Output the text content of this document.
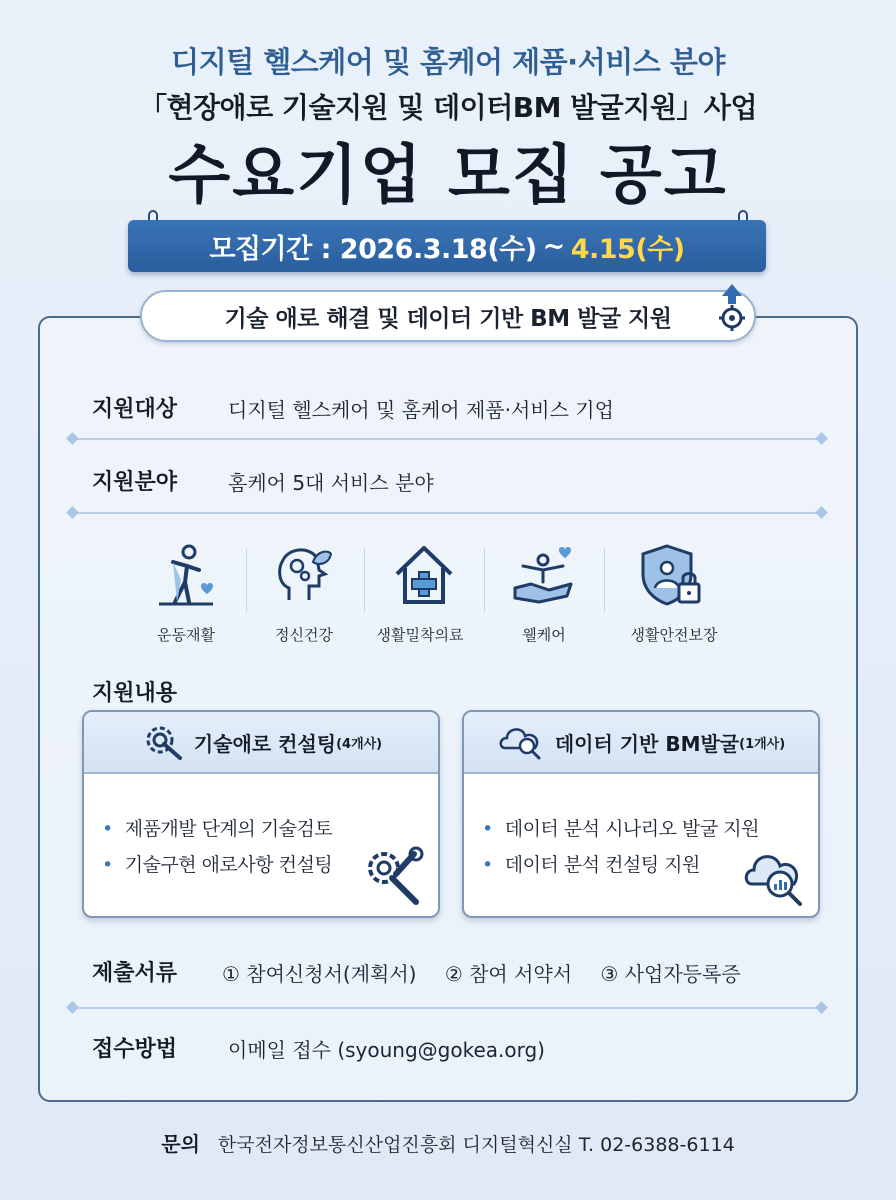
디지털 헬스케어 및 홈케어 제품·서비스 분야
「현장애로 기술지원 및 데이터BM 발굴지원」사업
수요기업 모집 공고
모집기간 : 2026.3.18(수) ~ 4.15(수)
기술 애로 해결 및 데이터 기반 BM 발굴 지원
지원대상	디지털 헬스케어 및 홈케어 제품·서비스 기업
지원분야	홈케어 5대 서비스 분야
운동재활	정신건강	생활밀착의료	웰케어	생활안전보장
지원내용
기술애로 컨설팅 (4개사)
• 제품개발 단계의 기술검토
• 기술구현 애로사항 컨설팅
데이터 기반 BM발굴 (1개사)
• 데이터 분석 시나리오 발굴 지원
• 데이터 분석 컨설팅 지원
제출서류 ① 참여신청서(계획서) ② 참여 서약서 ③ 사업자등록증
접수방법	이메일 접수 (syoung@gokea.org)
문의 한국전자정보통신산업진흥회 디지털혁신실 T. 02-6388-6114
